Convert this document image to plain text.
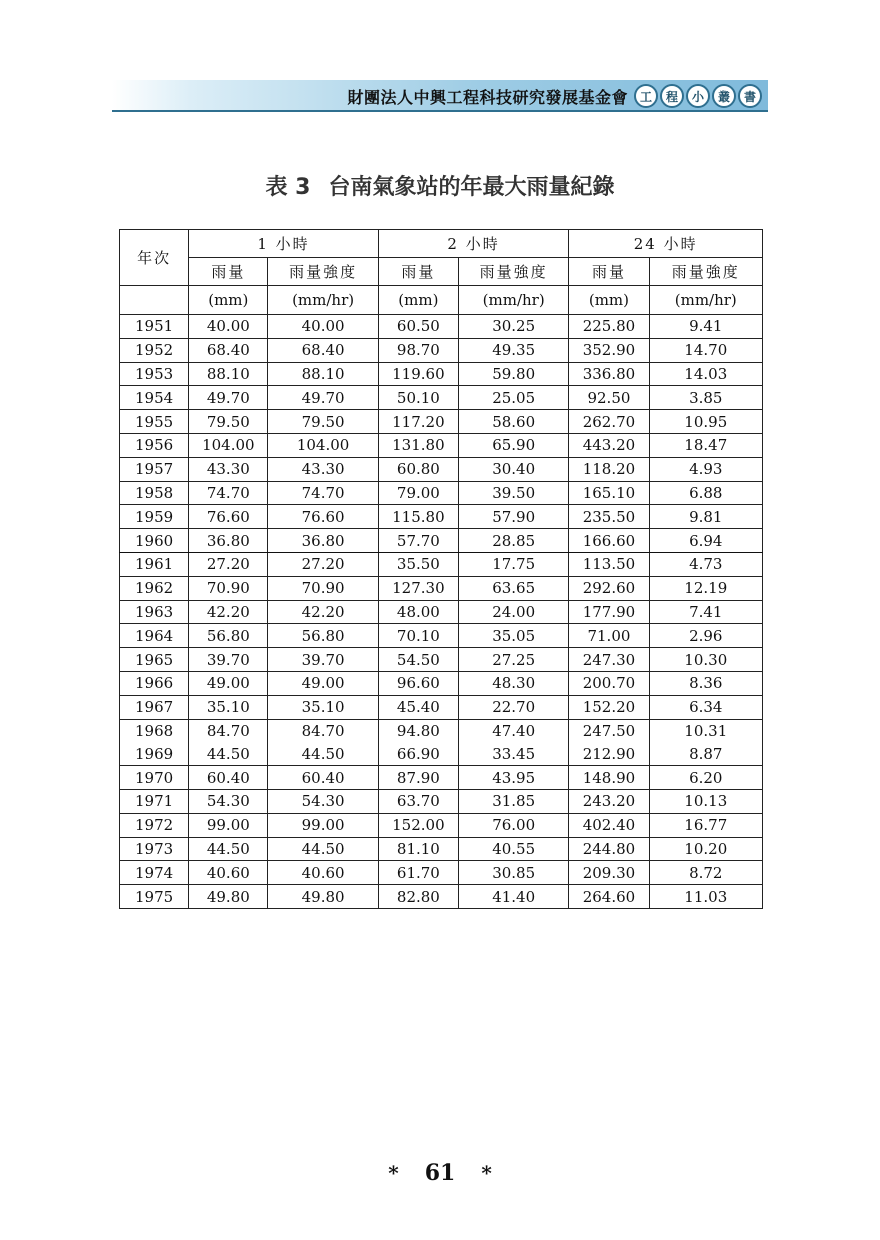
財團法人中興工程科技研究發展基金會 工	程	小	叢	書
表 3 台南氣象站的年最大雨量紀錄
年次	1 小時		2 小時		24 小時	
	雨量	雨量強度	雨量	雨量強度	雨量	雨量強度
	(mm)	(mm/hr)	(mm)	(mm/hr)	(mm)	(mm/hr)
1951	40.00	40.00	60.50	30.25	225.80	9.41
1952	68.40	68.40	98.70	49.35	352.90	14.70
1953	88.10	88.10	119.60	59.80	336.80	14.03
1954	49.70	49.70	50.10	25.05	92.50	3.85
1955	79.50	79.50	117.20	58.60	262.70	10.95
1956	104.00	104.00	131.80	65.90	443.20	18.47
1957	43.30	43.30	60.80	30.40	118.20	4.93
1958	74.70	74.70	79.00	39.50	165.10	6.88
1959	76.60	76.60	115.80	57.90	235.50	9.81
1960	36.80	36.80	57.70	28.85	166.60	6.94
1961	27.20	27.20	35.50	17.75	113.50	4.73
1962	70.90	70.90	127.30	63.65	292.60	12.19
1963	42.20	42.20	48.00	24.00	177.90	7.41
1964	56.80	56.80	70.10	35.05	71.00	2.96
1965	39.70	39.70	54.50	27.25	247.30	10.30
1966	49.00	49.00	96.60	48.30	200.70	8.36
1967	35.10	35.10	45.40	22.70	152.20	6.34
1968	84.70	84.70	94.80	47.40	247.50	10.31
1969	44.50	44.50	66.90	33.45	212.90	8.87
1970	60.40	60.40	87.90	43.95	148.90	6.20
1971	54.30	54.30	63.70	31.85	243.20	10.13
1972	99.00	99.00	152.00	76.00	402.40	16.77
1973	44.50	44.50	81.10	40.55	244.80	10.20
1974	40.60	40.60	61.70	30.85	209.30	8.72
1975	49.80	49.80	82.80	41.40	264.60	11.03
* 61 *
